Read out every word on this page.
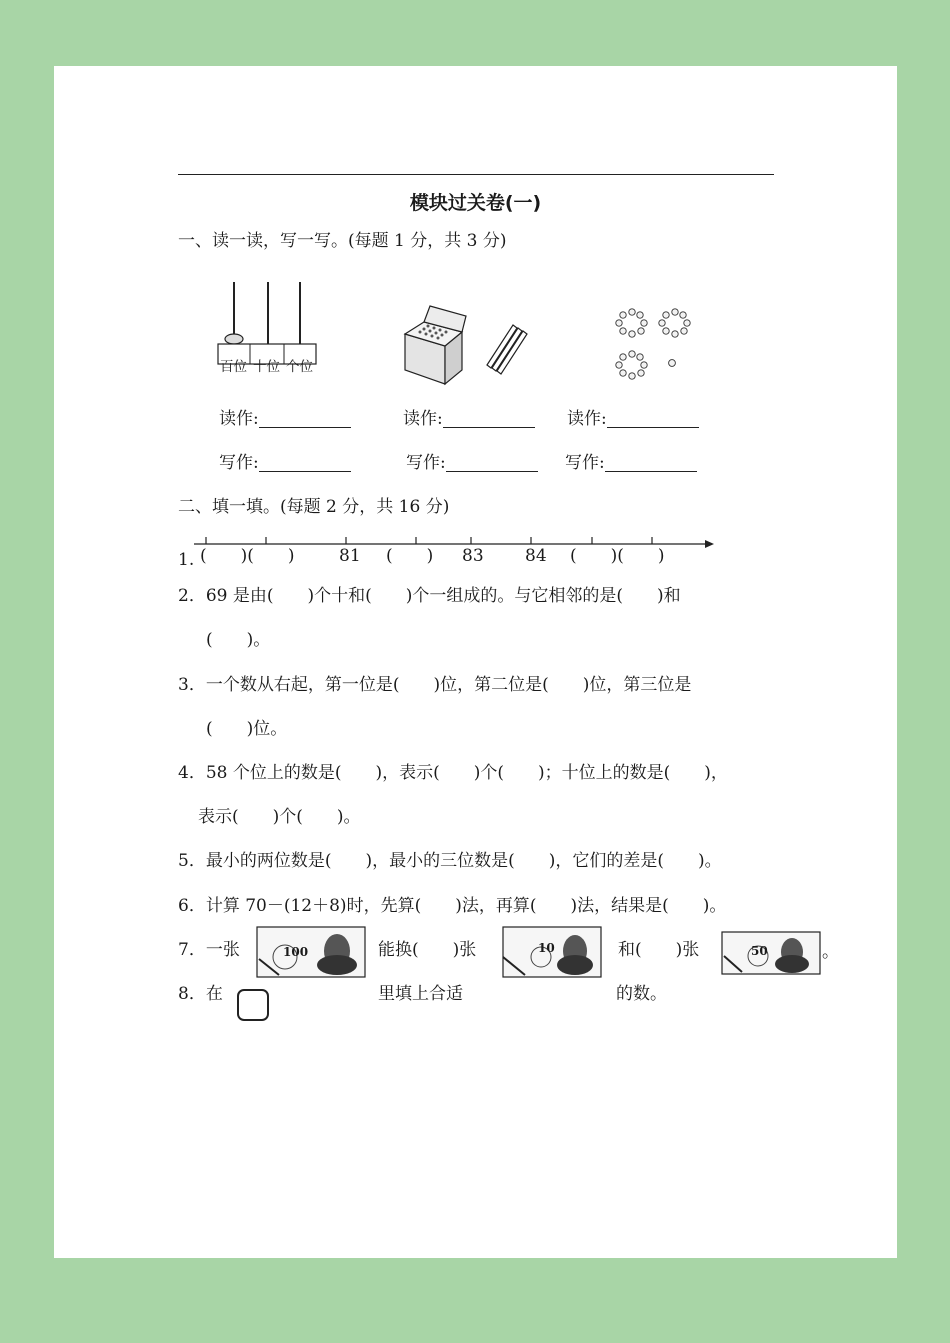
模块过关卷(一)
一、读一读，写一写。(每题 1 分，共 3 分)
百位 十位 个位
读作:	读作:	读作:
写作:	写作:	写作:
二、填一填。(每题 2 分，共 16 分)
1. (　　)(　　)	81 (　　) 83 84 (　　)(　　)
2．69 是由(　　)个十和(　　)个一组成的。与它相邻的是(　　)和
(　　)。
3．一个数从右起，第一位是(　　)位，第二位是(　　)位，第三位是
(　　)位。
4．58 个位上的数是(　　)，表示(　　)个(　　)；十位上的数是(　　)，
表示(　　)个(　　)。
5．最小的两位数是(　　)，最小的三位数是(　　)，它们的差是(　　)。
6．计算 70－(12＋8)时，先算(　　)法，再算(　　)法，结果是(　　)。
7．一张	100	能换(　　)张	10	和(　　)张	50	。
8．在	里填上合适	的数。
